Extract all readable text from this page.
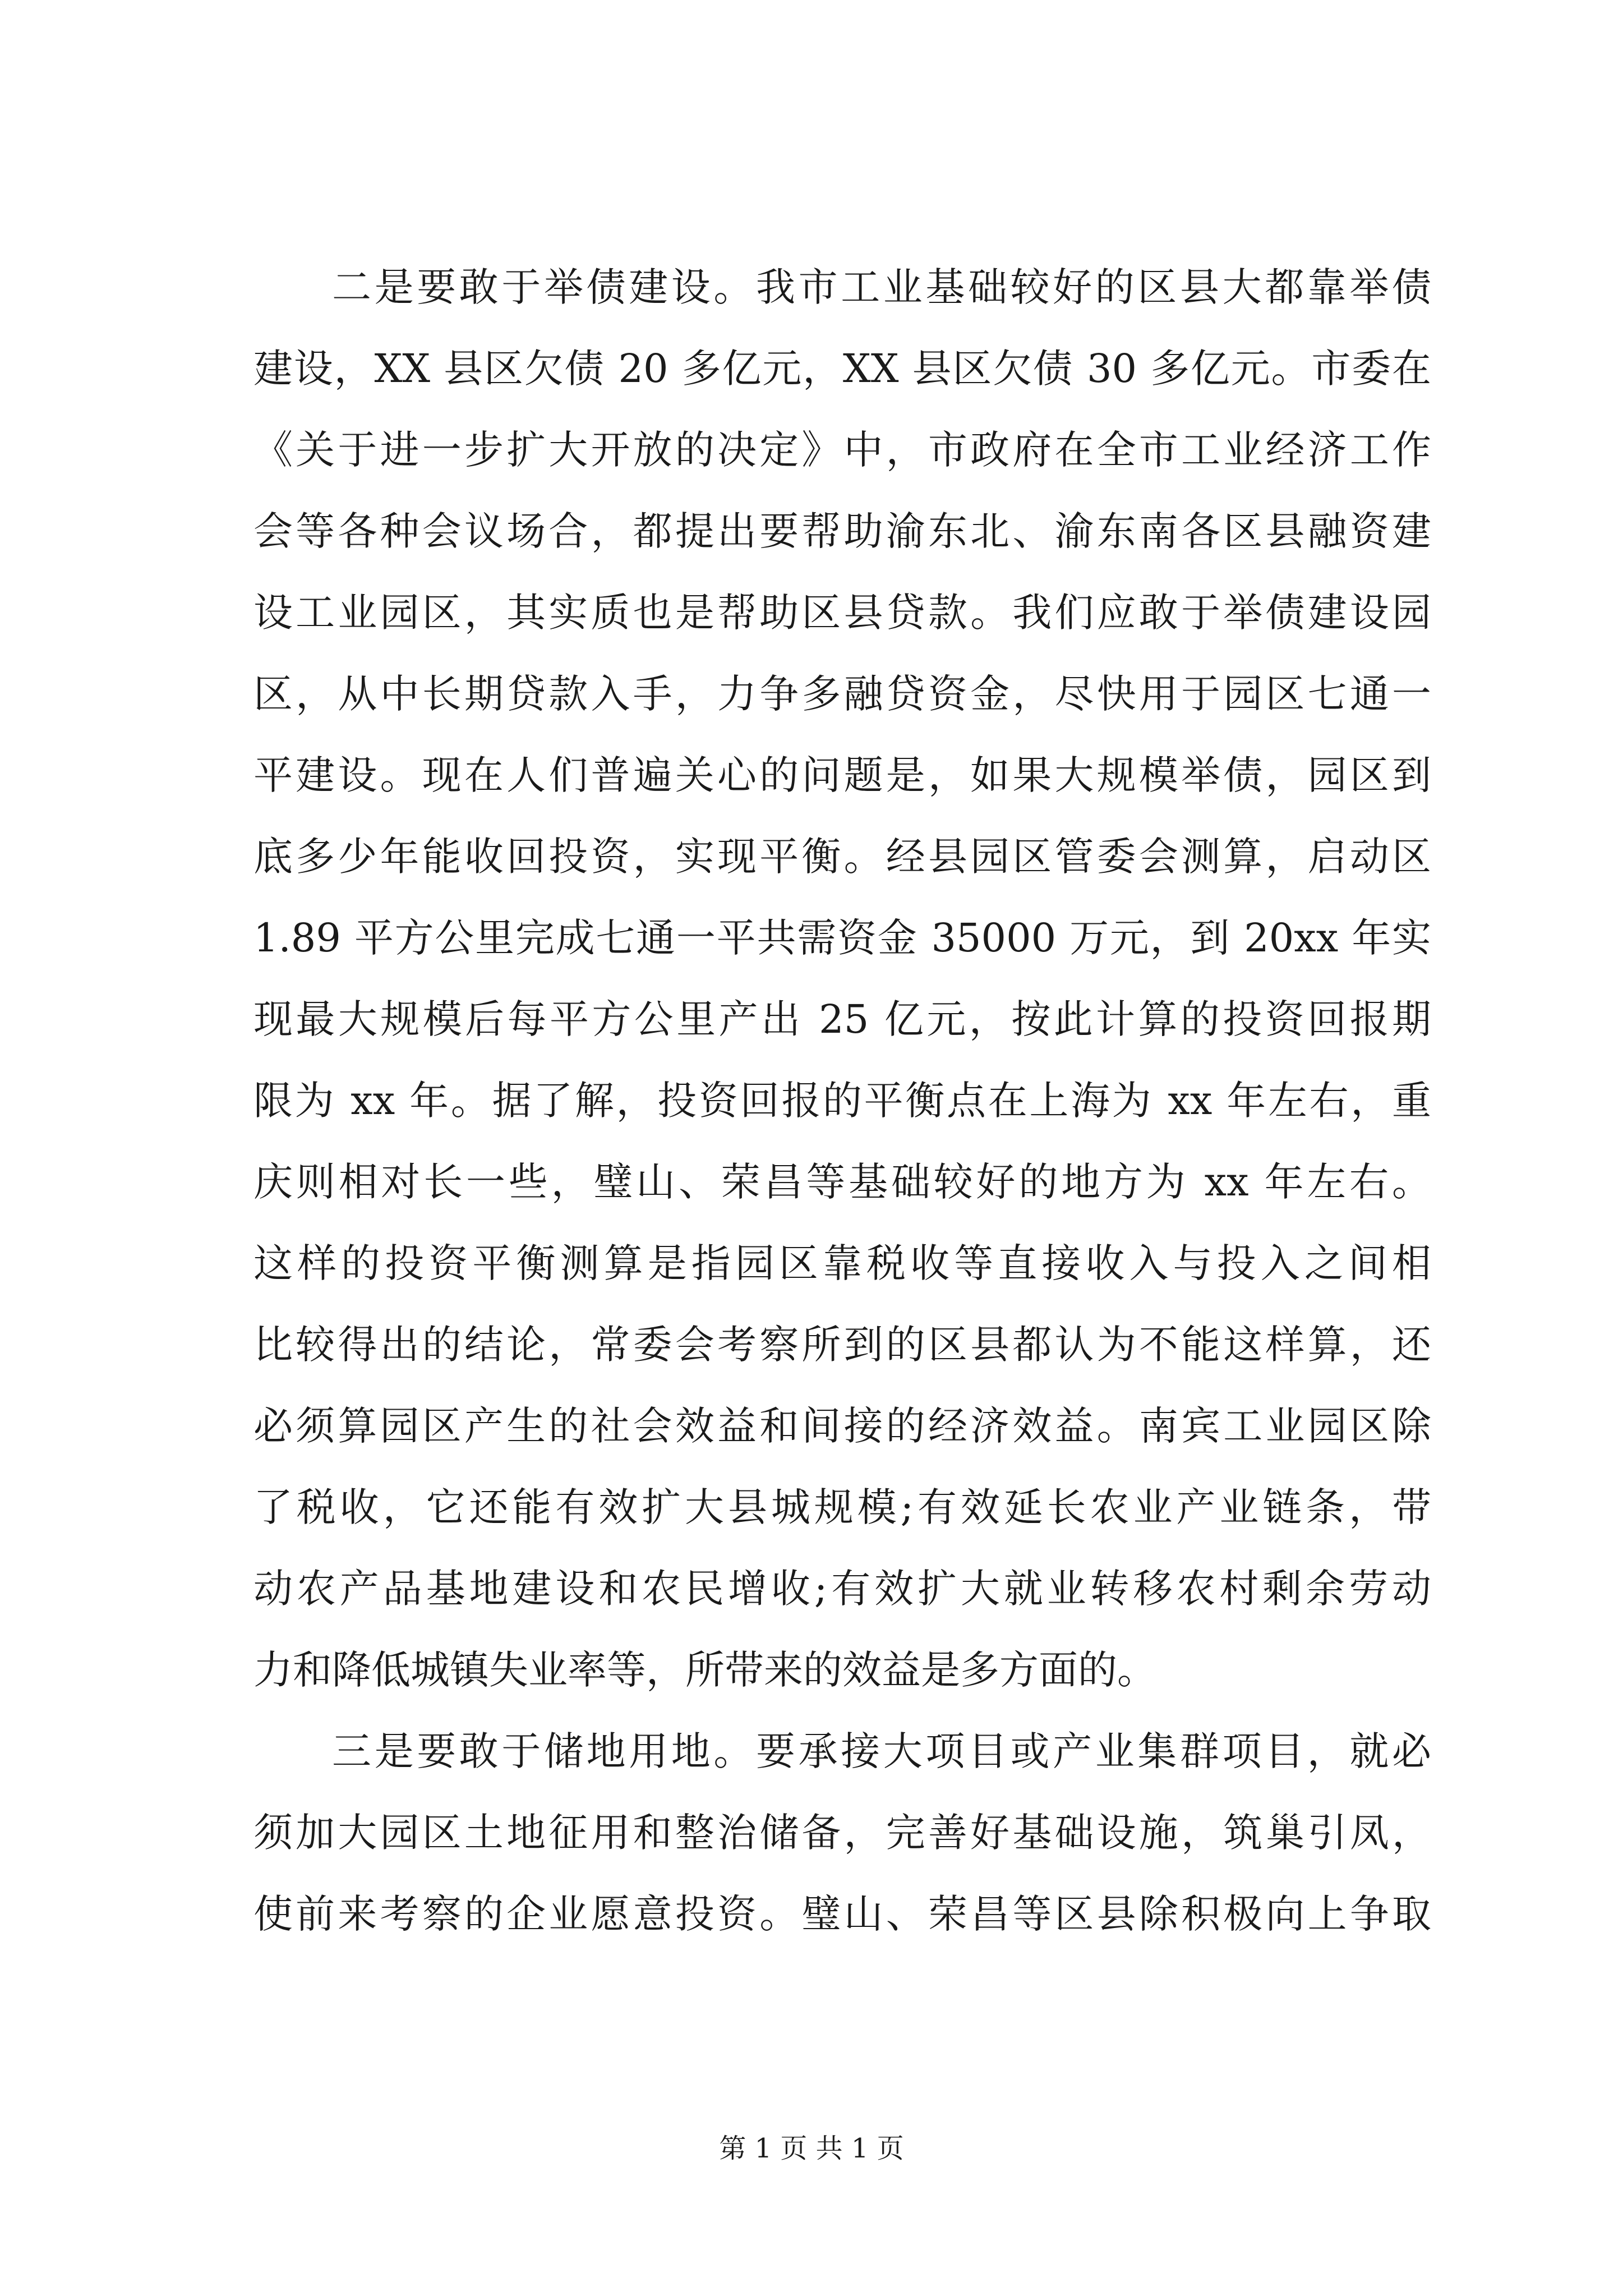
二是要敢于举债建设。我市工业基础较好的区县大都靠举债
建设，XX 县区欠债 20 多亿元，XX 县区欠债 30 多亿元。市委在
《关于进一步扩大开放的决定》中，市政府在全市工业经济工作
会等各种会议场合，都提出要帮助渝东北、渝东南各区县融资建
设工业园区，其实质也是帮助区县贷款。我们应敢于举债建设园
区，从中长期贷款入手，力争多融贷资金，尽快用于园区七通一
平建设。现在人们普遍关心的问题是，如果大规模举债，园区到
底多少年能收回投资，实现平衡。经县园区管委会测算，启动区
1.89 平方公里完成七通一平共需资金 35000 万元，到 20xx 年实
现最大规模后每平方公里产出 25 亿元，按此计算的投资回报期
限为 xx 年。据了解，投资回报的平衡点在上海为 xx 年左右，重
庆则相对长一些，璧山、荣昌等基础较好的地方为 xx 年左右。
这样的投资平衡测算是指园区靠税收等直接收入与投入之间相
比较得出的结论，常委会考察所到的区县都认为不能这样算，还
必须算园区产生的社会效益和间接的经济效益。南宾工业园区除
了税收，它还能有效扩大县城规模;有效延长农业产业链条，带
动农产品基地建设和农民增收;有效扩大就业转移农村剩余劳动
力和降低城镇失业率等，所带来的效益是多方面的。
三是要敢于储地用地。要承接大项目或产业集群项目，就必
须加大园区土地征用和整治储备，完善好基础设施，筑巢引凤，
使前来考察的企业愿意投资。璧山、荣昌等区县除积极向上争取
第 1 页 共 1 页
